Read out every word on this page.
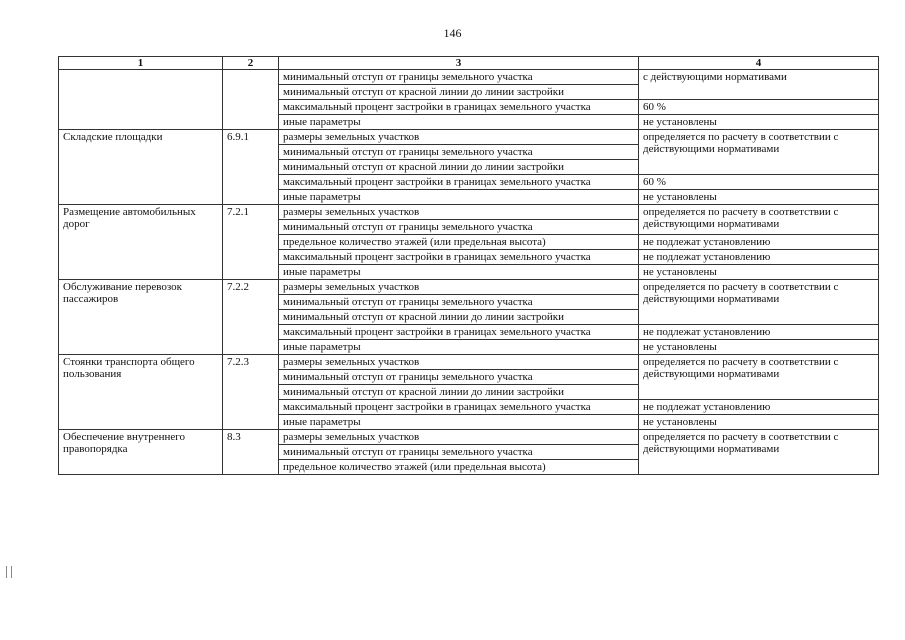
146
1	2	3	4
		минимальный отступ от границы земельного участка	с действующими нормативами
		минимальный отступ от красной линии до линии застройки	
		максимальный процент застройки в границах земельного участка	60 %
		иные параметры	не установлены
Складские площадки	6.9.1	размеры земельных участков	определяется по расчету в соответствии с действующими нормативами
		минимальный отступ от границы земельного участка	
		минимальный отступ от красной линии до линии застройки	
		максимальный процент застройки в границах земельного участка	60 %
		иные параметры	не установлены
Размещение автомобильных дорог	7.2.1	размеры земельных участков	определяется по расчету в соответствии с действующими нормативами
		минимальный отступ от границы земельного участка	
		предельное количество этажей (или предельная высота)	не подлежат установлению
		максимальный процент застройки в границах земельного участка	не подлежат установлению
		иные параметры	не установлены
Обслуживание перевозок пассажиров	7.2.2	размеры земельных участков	определяется по расчету в соответствии с действующими нормативами
		минимальный отступ от границы земельного участка	
		минимальный отступ от красной линии до линии застройки	
		максимальный процент застройки в границах земельного участка	не подлежат установлению
		иные параметры	не установлены
Стоянки транспорта общего пользования	7.2.3	размеры земельных участков	определяется по расчету в соответствии с действующими нормативами
		минимальный отступ от границы земельного участка	
		минимальный отступ от красной линии до линии застройки	
		максимальный процент застройки в границах земельного участка	не подлежат установлению
		иные параметры	не установлены
Обеспечение внутреннего правопорядка	8.3	размеры земельных участков	определяется по расчету в соответствии с действующими нормативами
		минимальный отступ от границы земельного участка	
		предельное количество этажей (или предельная высота)	
